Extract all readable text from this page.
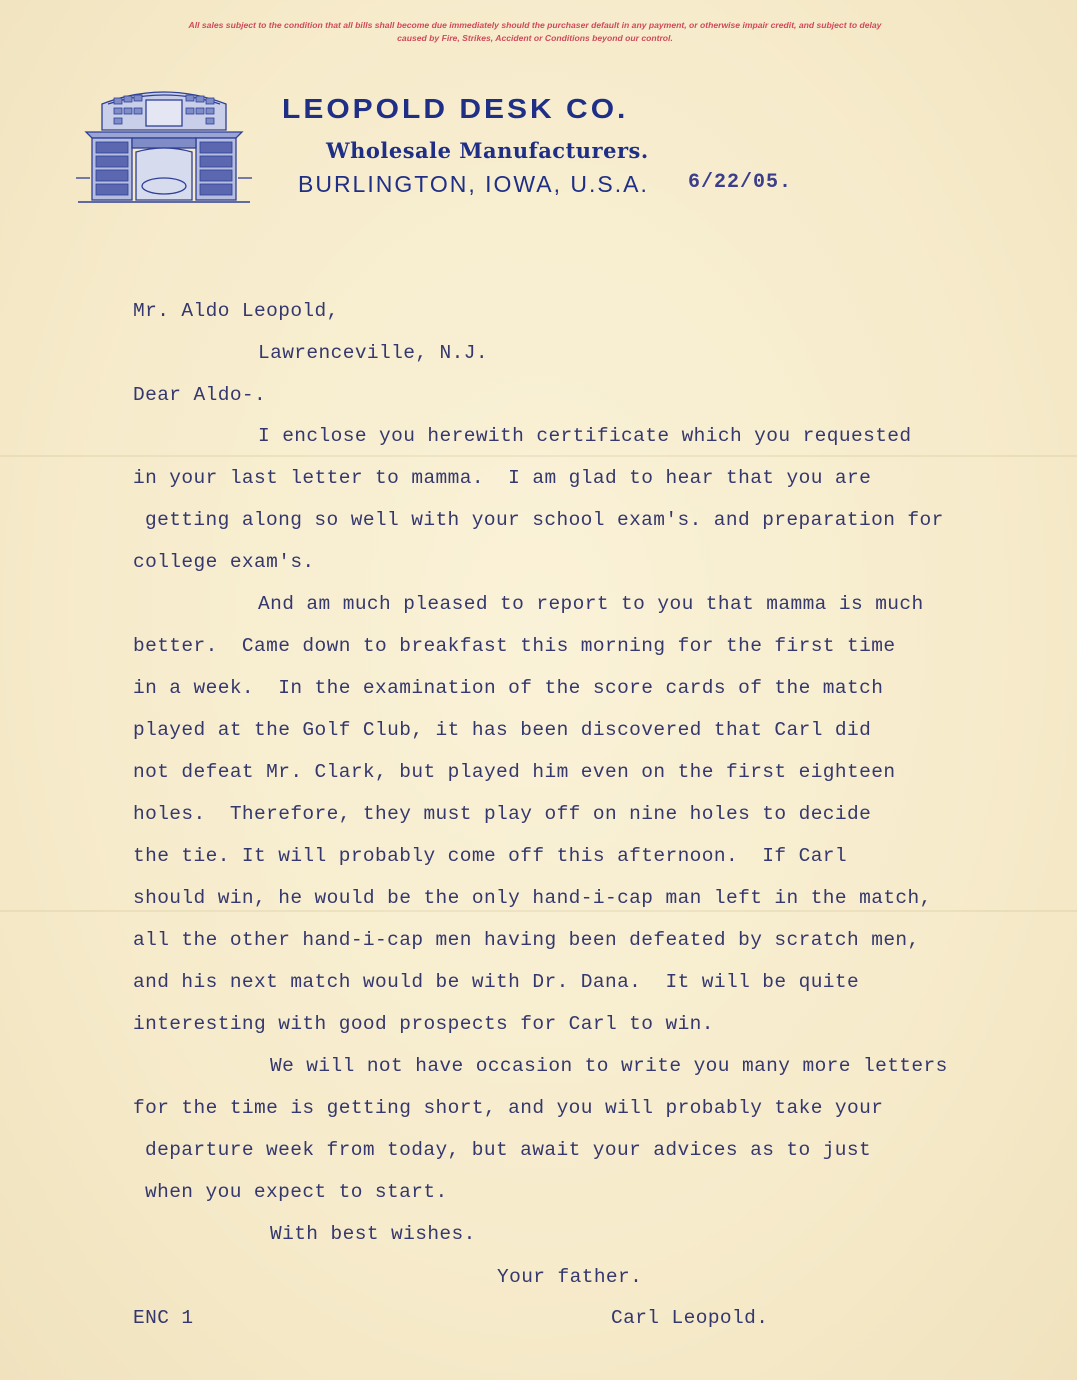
All sales subject to the condition that all bills shall become due immediately should the purchaser default in any payment, or otherwise impair credit, and subject to delay
caused by Fire, Strikes, Accident or Conditions beyond our control.
LEOPOLD DESK CO.
Wholesale Manufacturers.
BURLINGTON, IOWA, U.S.A. 6/22/05.
Mr. Aldo Leopold,
Lawrenceville, N.J.
Dear Aldo-.
I enclose you herewith certificate which you requested
in your last letter to mamma.  I am glad to hear that you are
getting along so well with your school exam's. and preparation for
college exam's.
And am much pleased to report to you that mamma is much
better.  Came down to breakfast this morning for the first time
in a week.  In the examination of the score cards of the match
played at the Golf Club, it has been discovered that Carl did
not defeat Mr. Clark, but played him even on the first eighteen
holes.  Therefore, they must play off on nine holes to decide
the tie. It will probably come off this afternoon.  If Carl
should win, he would be the only hand-i-cap man left in the match,
all the other hand-i-cap men having been defeated by scratch men,
and his next match would be with Dr. Dana.  It will be quite
interesting with good prospects for Carl to win.
We will not have occasion to write you many more letters
for the time is getting short, and you will probably take your
departure week from today, but await your advices as to just
when you expect to start.
With best wishes.
Your father.
ENC 1	Carl Leopold.
